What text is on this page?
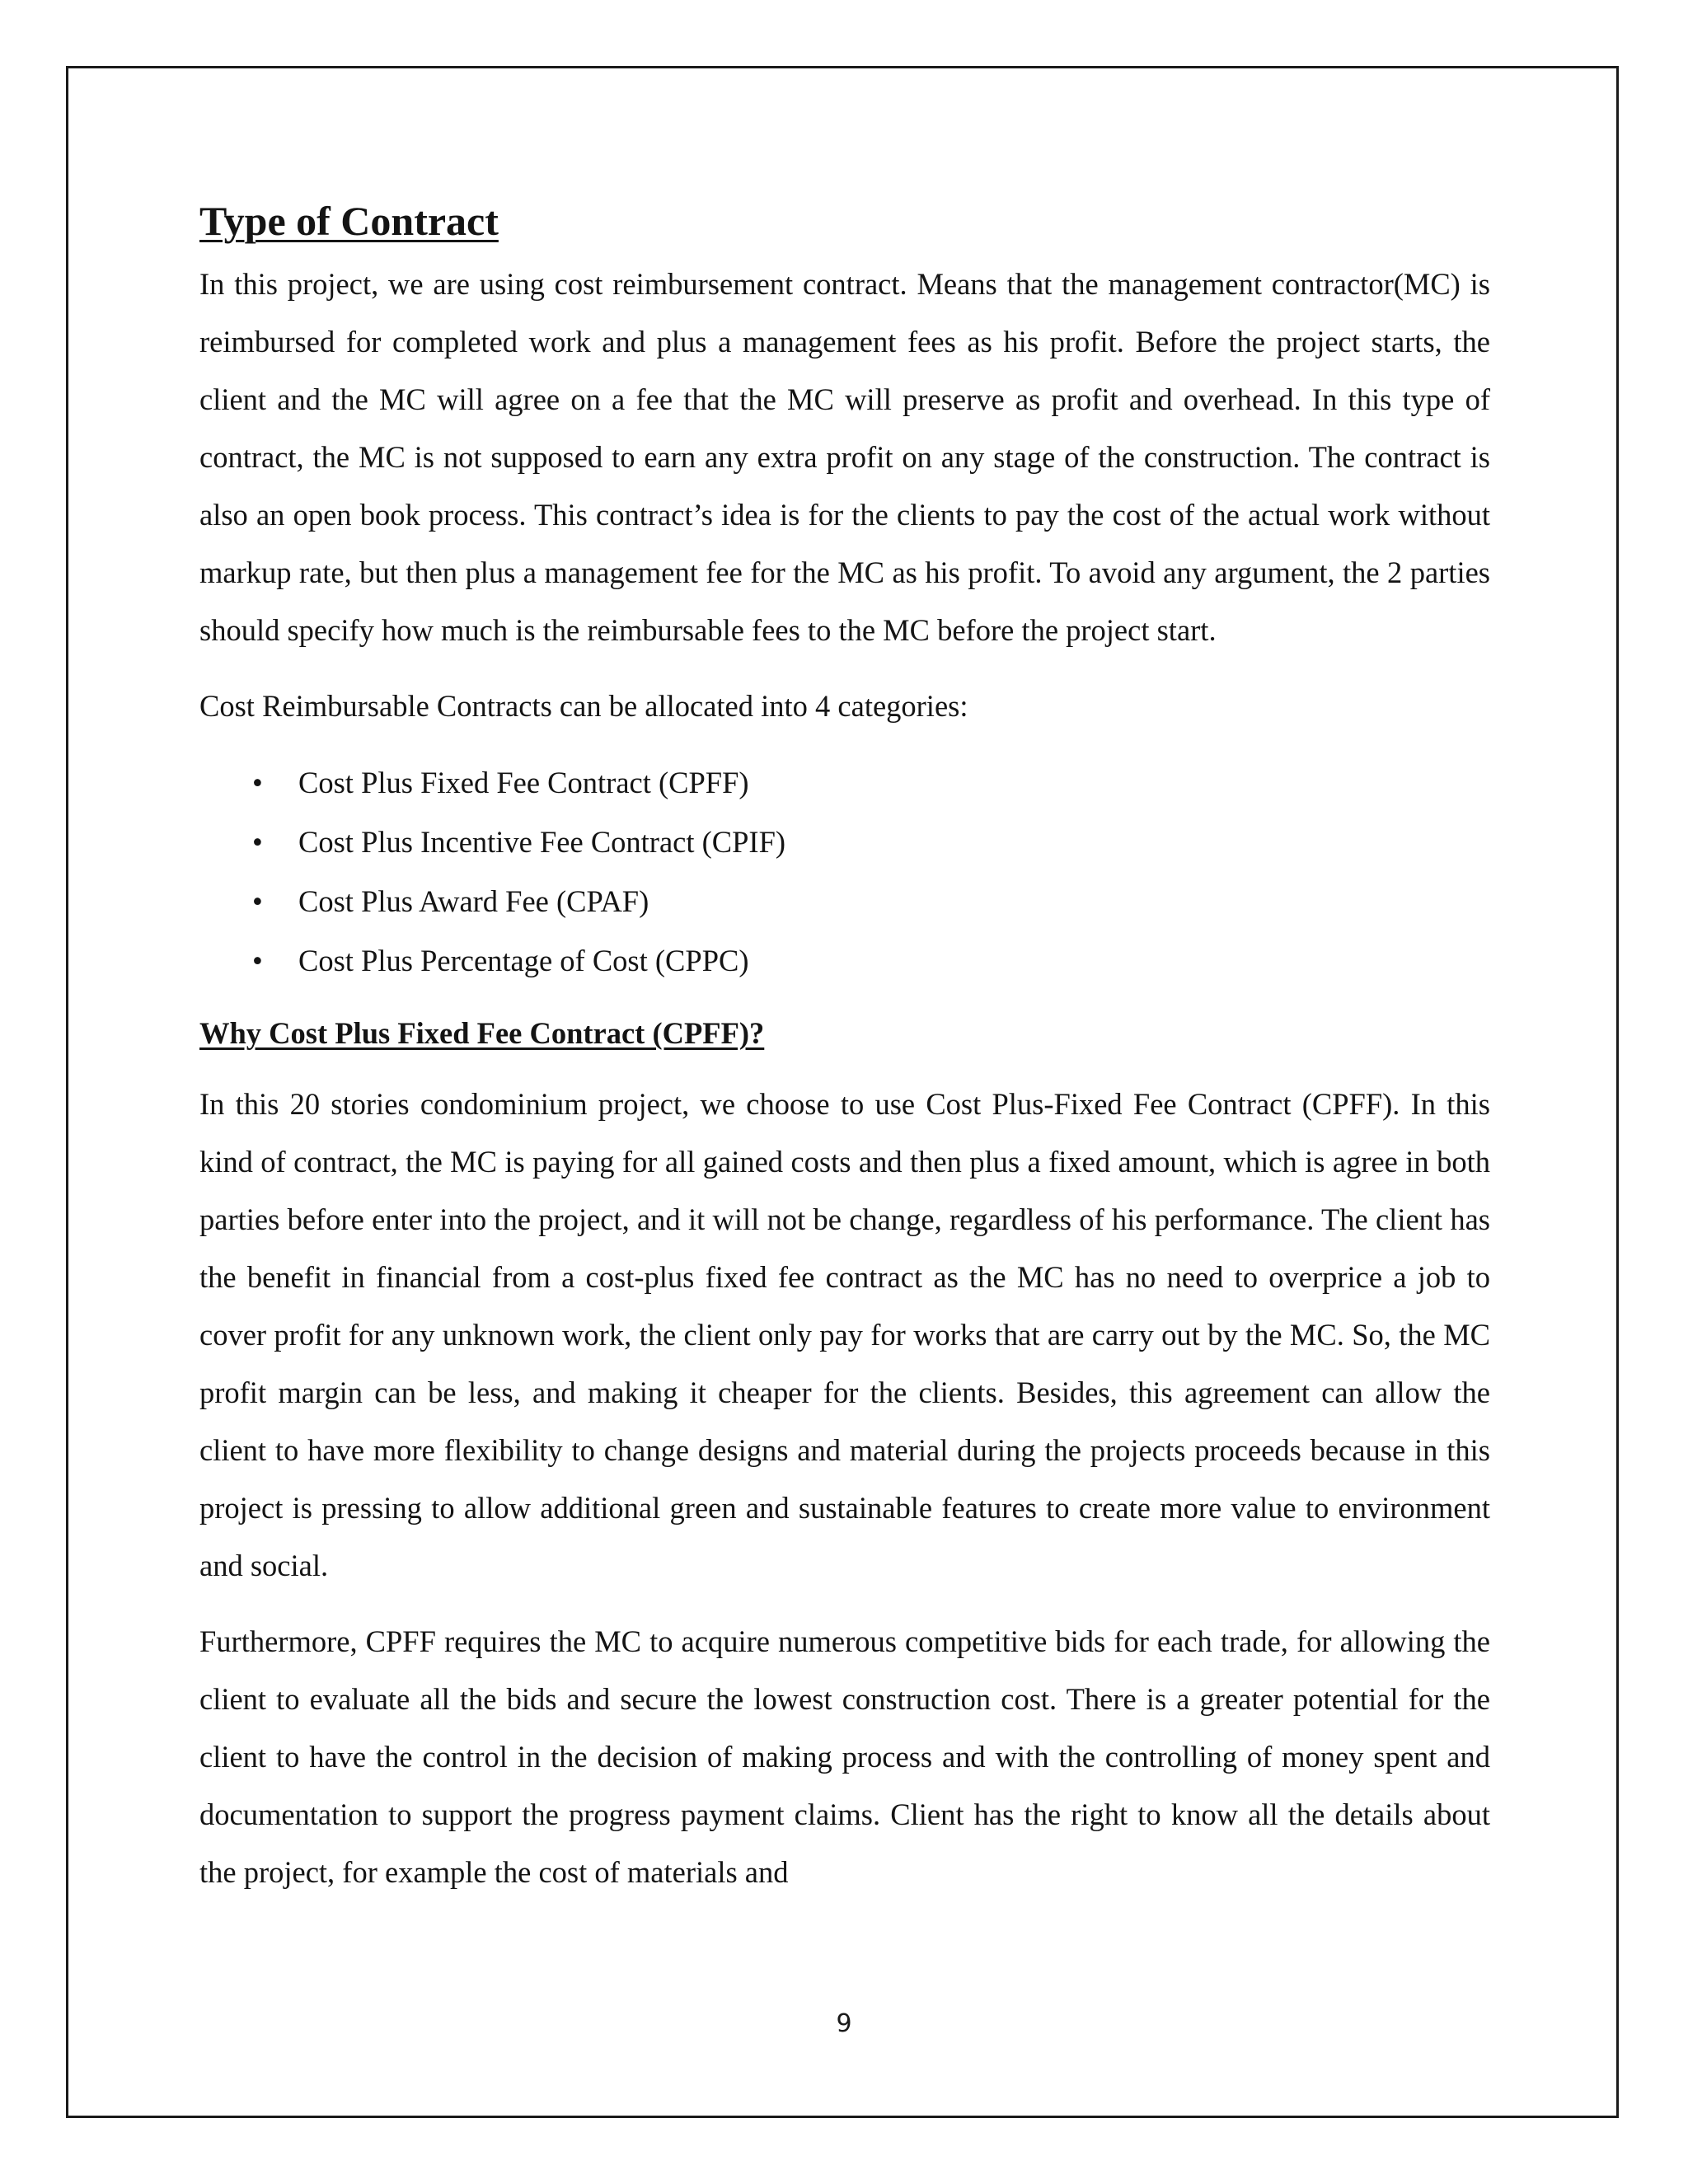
Type of Contract

In this project, we are using cost reimbursement contract. Means that the management contractor(MC) is reimbursed for completed work and plus a management fees as his profit. Before the project starts, the client and the MC will agree on a fee that the MC will preserve as profit and overhead. In this type of contract, the MC is not supposed to earn any extra profit on any stage of the construction. The contract is also an open book process. This contract’s idea is for the clients to pay the cost of the actual work without markup rate, but then plus a management fee for the MC as his profit. To avoid any argument, the 2 parties should specify how much is the reimbursable fees to the MC before the project start.

Cost Reimbursable Contracts can be allocated into 4 categories:

• Cost Plus Fixed Fee Contract (CPFF)
• Cost Plus Incentive Fee Contract (CPIF)
• Cost Plus Award Fee (CPAF)
• Cost Plus Percentage of Cost (CPPC)
Why Cost Plus Fixed Fee Contract (CPFF)?

In this 20 stories condominium project, we choose to use Cost Plus-Fixed Fee Contract (CPFF). In this kind of contract, the MC is paying for all gained costs and then plus a fixed amount, which is agree in both parties before enter into the project, and it will not be change, regardless of his performance. The client has the benefit in financial from a cost-plus fixed fee contract as the MC has no need to overprice a job to cover profit for any unknown work, the client only pay for works that are carry out by the MC. So, the MC profit margin can be less, and making it cheaper for the clients. Besides, this agreement can allow the client to have more flexibility to change designs and material during the projects proceeds because in this project is pressing to allow additional green and sustainable features to create more value to environment and social.

Furthermore, CPFF requires the MC to acquire numerous competitive bids for each trade, for allowing the client to evaluate all the bids and secure the lowest construction cost. There is a greater potential for the client to have the control in the decision of making process and with the controlling of money spent and documentation to support the progress payment claims. Client has the right to know all the details about the project, for example the cost of materials and

9
